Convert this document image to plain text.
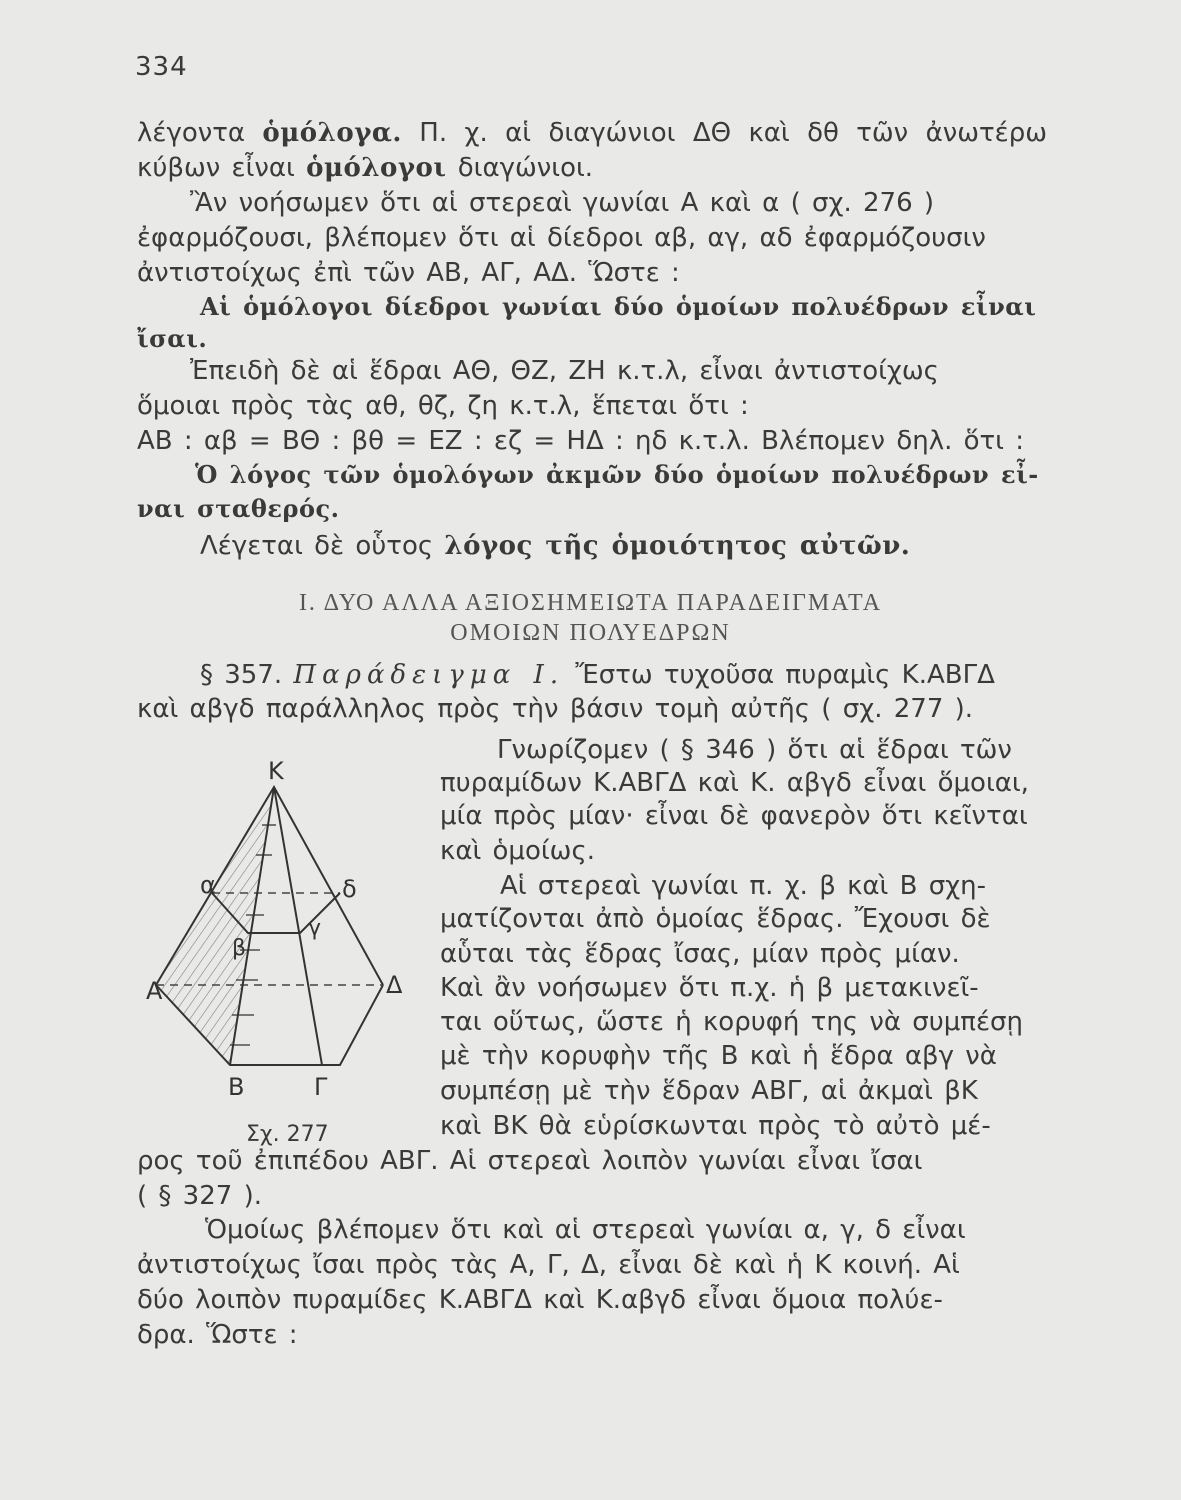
334
λέγοντα ὁμόλογα. Π. χ. αἱ διαγώνιοι ΔΘ καὶ δθ τῶν ἀνωτέρω
κύβων εἶναι ὁμόλογοι διαγώνιοι.
Ἂν νοήσωμεν ὅτι αἱ στερεαὶ γωνίαι Α καὶ α ( σχ. 276 )
ἐφαρμόζουσι, βλέπομεν ὅτι αἱ δίεδροι αβ, αγ, αδ ἐφαρμόζουσιν
ἀντιστοίχως ἐπὶ τῶν ΑΒ, ΑΓ, ΑΔ. Ὥστε :
Αἱ ὁμόλογοι δίεδροι γωνίαι δύο ὁμοίων πολυέδρων εἶναι
ἴσαι.
Ἐπειδὴ δὲ αἱ ἕδραι ΑΘ, ΘΖ, ΖΗ κ.τ.λ, εἶναι ἀντιστοίχως
ὅμοιαι πρὸς τὰς αθ, θζ, ζη κ.τ.λ, ἕπεται ὅτι :
ΑΒ : αβ = ΒΘ : βθ = ΕΖ : εζ = ΗΔ : ηδ κ.τ.λ. Βλέπομεν δηλ. ὅτι :
Ὁ λόγος τῶν ὁμολόγων ἀκμῶν δύο ὁμοίων πολυέδρων εἶ-
ναι σταθερός.
Λέγεται δὲ οὗτος λόγος τῆς ὁμοιότητος αὐτῶν.
Ι. ΔΥΟ ΑΛΛΑ ΑΞΙΟΣΗΜΕΙΩΤΑ ΠΑΡΑΔΕΙΓΜΑΤΑ
ΟΜΟΙΩΝ ΠΟΛΥΕΔΡΩΝ
§ 357. Παράδειγμα Ι. Ἔστω τυχοῦσα πυραμὶς Κ.ΑΒΓΔ
καὶ αβγδ παράλληλος πρὸς τὴν βάσιν τομὴ αὐτῆς ( σχ. 277 ).
Γνωρίζομεν ( § 346 ) ὅτι αἱ ἕδραι τῶν
πυραμίδων Κ.ΑΒΓΔ καὶ Κ. αβγδ εἶναι ὅμοιαι,
μία πρὸς μίαν· εἶναι δὲ φανερὸν ὅτι κεῖνται
καὶ ὁμοίως.
Αἱ στερεαὶ γωνίαι π. χ. β καὶ Β σχη-
ματίζονται ἀπὸ ὁμοίας ἕδρας. Ἔχουσι δὲ
αὗται τὰς ἕδρας ἴσας, μίαν πρὸς μίαν.
Καὶ ἂν νοήσωμεν ὅτι π.χ. ἡ β μετακινεῖ-
ται οὕτως, ὥστε ἡ κορυφή της νὰ συμπέσῃ
μὲ τὴν κορυφὴν τῆς Β καὶ ἡ ἕδρα αβγ νὰ
συμπέσῃ μὲ τὴν ἕδραν ΑΒΓ, αἱ ἀκμαὶ βΚ
καὶ ΒΚ θὰ εὑρίσκωνται πρὸς τὸ αὐτὸ μέ-
ρος τοῦ ἐπιπέδου ΑΒΓ. Αἱ στερεαὶ λοιπὸν γωνίαι εἶναι ἴσαι
( § 327 ).
Ὁμοίως βλέπομεν ὅτι καὶ αἱ στερεαὶ γωνίαι α, γ, δ εἶναι
ἀντιστοίχως ἴσαι πρὸς τὰς Α, Γ, Δ, εἶναι δὲ καὶ ἡ Κ κοινή. Αἱ
δύο λοιπὸν πυραμίδες Κ.ΑΒΓΔ καὶ Κ.αβγδ εἶναι ὅμοια πολύε-
δρα. Ὥστε :
Κ
Α	Δ
Β	Γ
α	δ
β
γ
Σχ. 277
